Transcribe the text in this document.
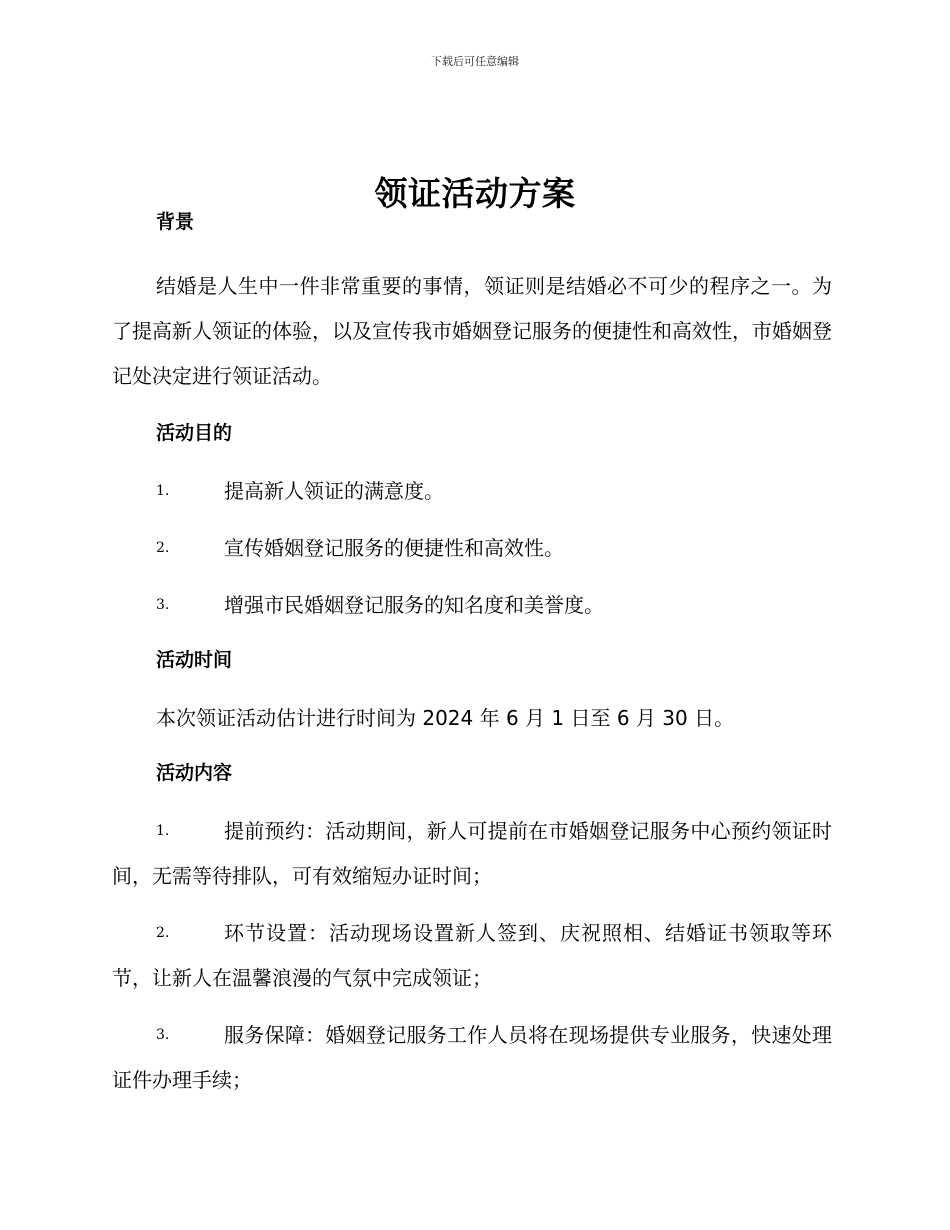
下载后可任意编辑
领证活动方案
背景

结婚是人生中一件非常重要的事情，领证则是结婚必不可少的程序之一。为了提高新人领证的体验，以及宣传我市婚姻登记服务的便捷性和高效性，市婚姻登记处决定进行领证活动。

活动目的
1.	提高新人领证的满意度。
2.	宣传婚姻登记服务的便捷性和高效性。
3.	增强市民婚姻登记服务的知名度和美誉度。
活动时间

本次领证活动估计进行时间为 2024 年 6 月 1 日至 6 月 30 日。

活动内容
1.	提前预约：活动期间，新人可提前在市婚姻登记服务中心预约领证时间，无需等待排队，可有效缩短办证时间；
2.	环节设置：活动现场设置新人签到、庆祝照相、结婚证书领取等环节，让新人在温馨浪漫的气氛中完成领证；
3.	服务保障：婚姻登记服务工作人员将在现场提供专业服务，快速处理证件办理手续；
